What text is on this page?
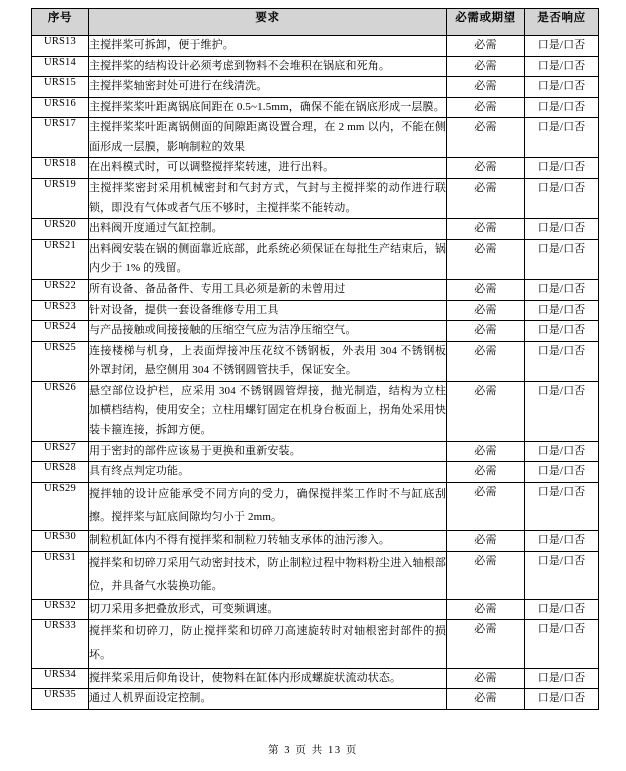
序号	要求	必需或期望	是否响应
URS13	主搅拌桨可拆卸，便于维护。	必需	口是/口否
URS14	主搅拌桨的结构设计必须考虑到物料不会堆积在锅底和死角。	必需	口是/口否
URS15	主搅拌桨轴密封处可进行在线清洗。	必需	口是/口否
URS16	主搅拌桨桨叶距离锅底间距在 0.5~1.5mm，确保不能在锅底形成一层膜。	必需	口是/口否
URS17	主搅拌桨桨叶距离锅侧面的间隙距离设置合理，在 2 mm 以内，不能在侧面形成一层膜，影响制粒的效果	必需	口是/口否
URS18	在出料模式时，可以调整搅拌桨转速，进行出料。	必需	口是/口否
URS19	主搅拌桨密封采用机械密封和气封方式，气封与主搅拌桨的动作进行联锁，即没有气体或者气压不够时，主搅拌桨不能转动。	必需	口是/口否
URS20	出料阀开度通过气缸控制。	必需	口是/口否
URS21	出料阀安装在锅的侧面靠近底部，此系统必须保证在每批生产结束后，锅内少于 1% 的残留。	必需	口是/口否
URS22	所有设备、备品备件、专用工具必须是新的未曾用过	必需	口是/口否
URS23	针对设备，提供一套设备维修专用工具	必需	口是/口否
URS24	与产品接触或间接接触的压缩空气应为洁净压缩空气。	必需	口是/口否
URS25	连接楼梯与机身，上表面焊接冲压花纹不锈钢板，外表用 304 不锈钢板外罩封闭，悬空侧用 304 不锈钢圆管扶手，保证安全。	必需	口是/口否
URS26	悬空部位设护栏，应采用 304 不锈钢圆管焊接，抛光制造，结构为立柱加横档结构，使用安全；立柱用螺钉固定在机身台板面上，拐角处采用快装卡箍连接，拆卸方便。	必需	口是/口否
URS27	用于密封的部件应该易于更换和重新安装。	必需	口是/口否
URS28	具有终点判定功能。	必需	口是/口否
URS29	搅拌轴的设计应能承受不同方向的受力，确保搅拌桨工作时不与缸底刮擦。搅拌桨与缸底间隙均匀小于 2mm。	必需	口是/口否
URS30	制粒机缸体内不得有搅拌桨和制粒刀转轴支承体的油污渗入。	必需	口是/口否
URS31	搅拌桨和切碎刀采用气动密封技术，防止制粒过程中物料粉尘进入轴根部位，并具备气水装换功能。	必需	口是/口否
URS32	切刀采用多把叠放形式，可变频调速。	必需	口是/口否
URS33	搅拌桨和切碎刀，防止搅拌桨和切碎刀高速旋转时对轴根密封部件的损坏。	必需	口是/口否
URS34	搅拌桨采用后仰角设计，使物料在缸体内形成螺旋状流动状态。	必需	口是/口否
URS35	通过人机界面设定控制。	必需	口是/口否
第 3 页 共 13 页
